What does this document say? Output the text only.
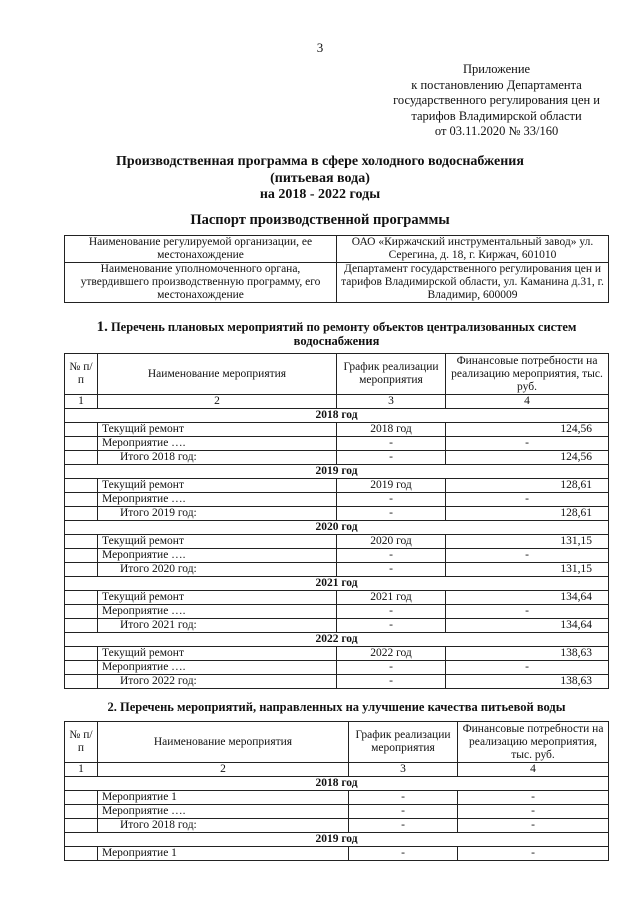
3
Приложение
к постановлению Департамента
государственного регулирования цен и
тарифов Владимирской области
от 03.11.2020 № 33/160
Производственная программа в сфере холодного водоснабжения
(питьевая вода)
на 2018 - 2022 годы
Паспорт производственной программы
Наименование регулируемой организации, ее местонахождение	ОАО «Киржачский инструментальный завод» ул. Серегина, д. 18, г. Киржач, 601010
Наименование уполномоченного органа, утвердившего производственную программу, его местонахождение	Департамент государственного регулирования цен и тарифов Владимирской области, ул. Каманина д.31, г. Владимир, 600009
1. Перечень плановых мероприятий по ремонту объектов централизованных систем водоснабжения
№ п/п	Наименование мероприятия	График реализации мероприятия	Финансовые потребности на реализацию мероприятия, тыс. руб.
1	2	3	4
2018 год			
	Текущий ремонт	2018 год	124,56
	Мероприятие ….	-	-
	Итого 2018 год:	-	124,56
2019 год			
	Текущий ремонт	2019 год	128,61
	Мероприятие ….	-	-
	Итого 2019 год:	-	128,61
2020 год			
	Текущий ремонт	2020 год	131,15
	Мероприятие ….	-	-
	Итого 2020 год:	-	131,15
2021 год			
	Текущий ремонт	2021 год	134,64
	Мероприятие ….	-	-
	Итого 2021 год:	-	134,64
2022 год			
	Текущий ремонт	2022 год	138,63
	Мероприятие ….	-	-
	Итого 2022 год:	-	138,63
2. Перечень мероприятий, направленных на улучшение качества питьевой воды
№ п/п	Наименование мероприятия	График реализации мероприятия	Финансовые потребности на реализацию мероприятия, тыс. руб.
1	2	3	4
2018 год			
	Мероприятие 1	-	-
	Мероприятие ….	-	-
	Итого 2018 год:	-	-
2019 год			
	Мероприятие 1	-	-
